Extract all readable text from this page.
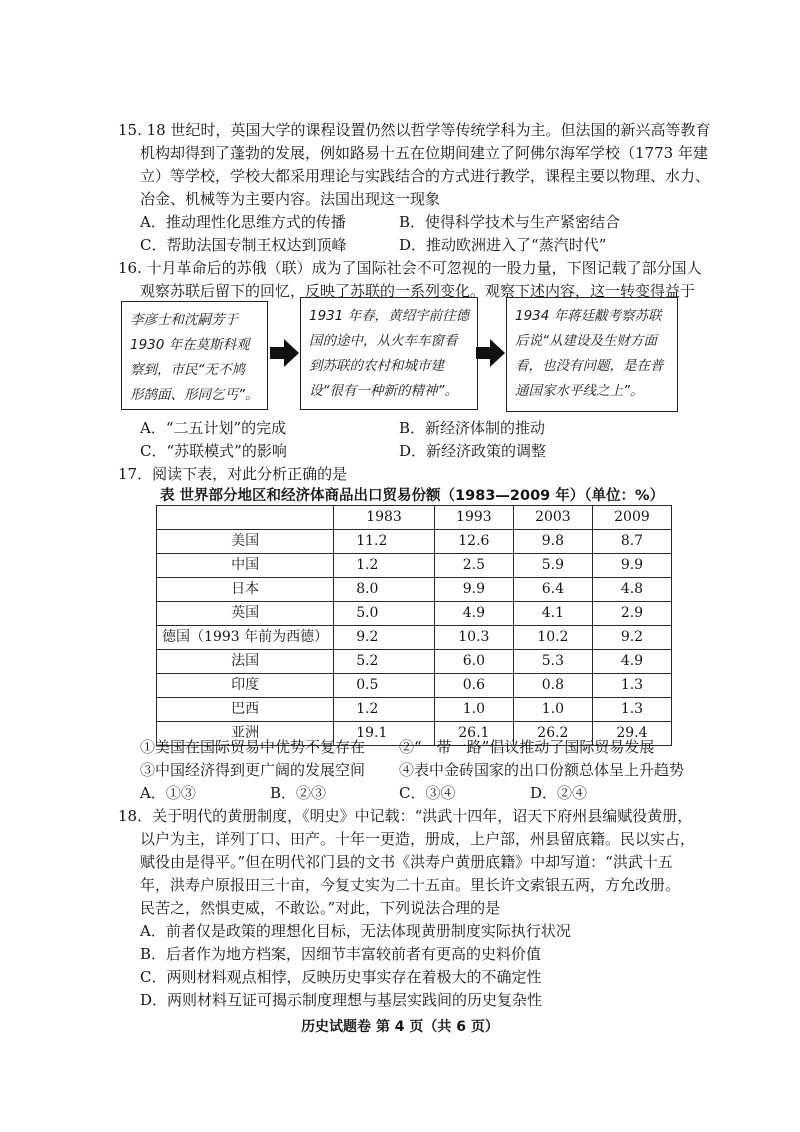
15. 18 世纪时，英国大学的课程设置仍然以哲学等传统学科为主。但法国的新兴高等教育
机构却得到了蓬勃的发展，例如路易十五在位期间建立了阿佛尔海军学校（1773 年建
立）等学校，学校大都采用理论与实践结合的方式进行教学，课程主要以物理、水力、
冶金、机械等为主要内容。法国出现这一现象
A．推动理性化思维方式的传播	B．使得科学技术与生产紧密结合
C．帮助法国专制王权达到顶峰	D．推动欧洲进入了“蒸汽时代”
16. 十月革命后的苏俄（联）成为了国际社会不可忽视的一股力量，下图记载了部分国人
观察苏联后留下的回忆，反映了苏联的一系列变化。观察下述内容，这一转变得益于
李彦士和沈嗣芳于
1930 年在莫斯科观
察到，市民“无不鸠
形鹄面、形同乞丐”。
1931 年春，黄绍宇前往德
国的途中，从火车车窗看
到苏联的农村和城市建
设“很有一种新的精神”。
1934 年蒋廷黻考察苏联
后说“从建设及生财方面
看，也没有问题，是在普
通国家水平线之上”。
A．“二五计划”的完成	B．新经济体制的推动
C．“苏联模式”的影响	D．新经济政策的调整
17．阅读下表，对此分析正确的是
表 世界部分地区和经济体商品出口贸易份额（1983—2009 年）（单位：%）
	1983	1993	2003	2009
美国	11.2	12.6	9.8	8.7
中国	1.2	2.5	5.9	9.9
日本	8.0	9.9	6.4	4.8
英国	5.0	4.9	4.1	2.9
德国（1993 年前为西德）	9.2	10.3	10.2	9.2
法国	5.2	6.0	5.3	4.9
印度	0.5	0.6	0.8	1.3
巴西	1.2	1.0	1.0	1.3
亚洲	19.1	26.1	26.2	29.4
①美国在国际贸易中优势不复存在 ②“一带一路”倡议推动了国际贸易发展
③中国经济得到更广阔的发展空间 ④表中金砖国家的出口份额总体呈上升趋势
A．①③	B．②③	C．③④	D．②④
18．关于明代的黄册制度，《明史》中记载：“洪武十四年，诏天下府州县编赋役黄册，
以户为主，详列丁口、田产。十年一更造，册成，上户部，州县留底籍。民以实占，
赋役由是得平。”但在明代祁门县的文书《洪寿户黄册底籍》中却写道：“洪武十五
年，洪寿户原报田三十亩，今复丈实为二十五亩。里长许文索银五两，方允改册。
民苦之，然惧吏威，不敢讼。”对此，下列说法合理的是
A．前者仅是政策的理想化目标，无法体现黄册制度实际执行状况
B．后者作为地方档案，因细节丰富较前者有更高的史料价值
C．两则材料观点相悖，反映历史事实存在着极大的不确定性
D．两则材料互证可揭示制度理想与基层实践间的历史复杂性
历史试题卷 第 4 页（共 6 页）
